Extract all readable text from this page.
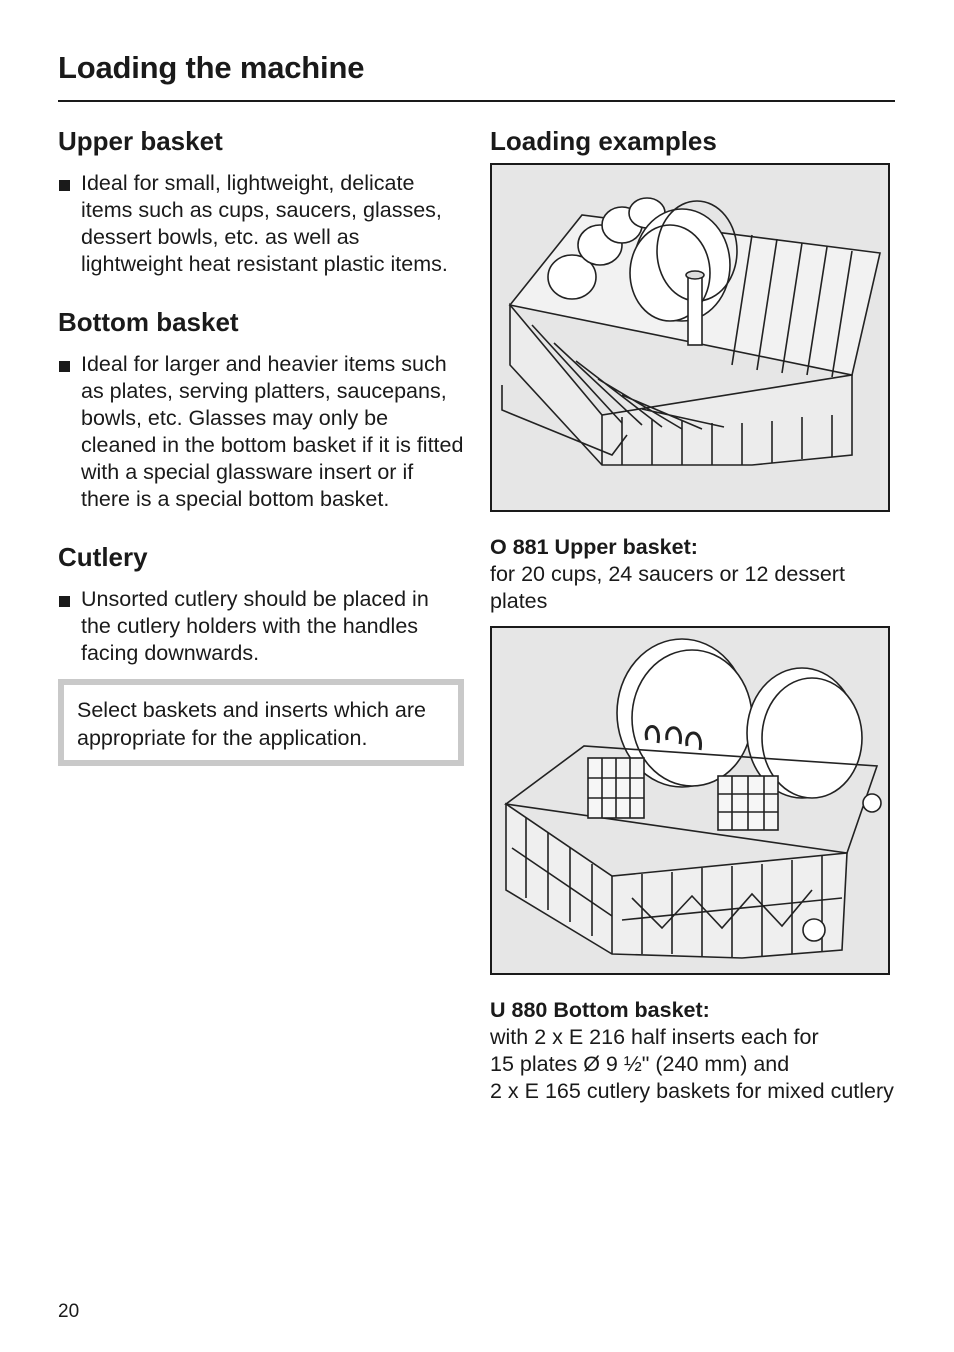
Loading the machine
Upper basket
Ideal for small, lightweight, delicate items such as cups, saucers, glasses, dessert bowls, etc. as well as lightweight heat resistant plastic items.
Bottom basket
Ideal for larger and heavier items such as plates, serving platters, saucepans, bowls, etc. Glasses may only be cleaned in the bottom basket if it is fitted with a special glassware insert or if there is a special bottom basket.
Cutlery
Unsorted cutlery should be placed in the cutlery holders with the handles facing downwards.
Select baskets and inserts which are appropriate for the application.
Loading examples
O 881 Upper basket:
for 20 cups, 24 saucers or 12 dessert plates
U 880 Bottom basket:
with 2 x E 216 half inserts each for
15 plates Ø 9 ½" (240 mm) and
2 x E 165 cutlery baskets for mixed cutlery
20
